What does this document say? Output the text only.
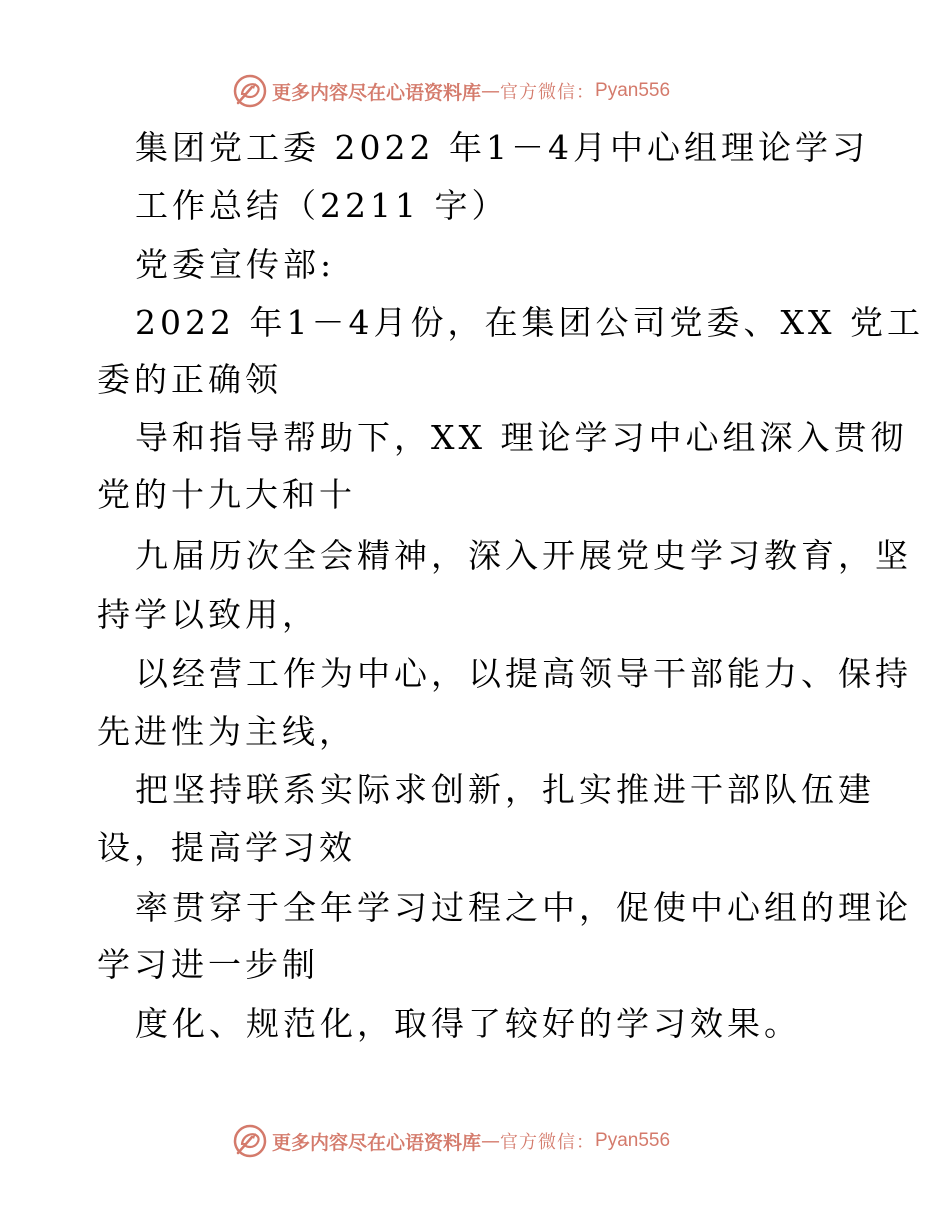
更多内容尽在心语资料库 — 官方微信： Pyan556
集团党工委 2022 年1－4月中心组理论学习
工作总结（2211 字）
党委宣传部:
2022 年1－4月份，在集团公司党委、XX 党工
委的正确领
导和指导帮助下，XX 理论学习中心组深入贯彻
党的十九大和十
九届历次全会精神，深入开展党史学习教育，坚
持学以致用，
以经营工作为中心，以提高领导干部能力、保持
先进性为主线，
把坚持联系实际求创新，扎实推进干部队伍建
设，提高学习效
率贯穿于全年学习过程之中，促使中心组的理论
学习进一步制
度化、规范化，取得了较好的学习效果。
更多内容尽在心语资料库 — 官方微信： Pyan556
